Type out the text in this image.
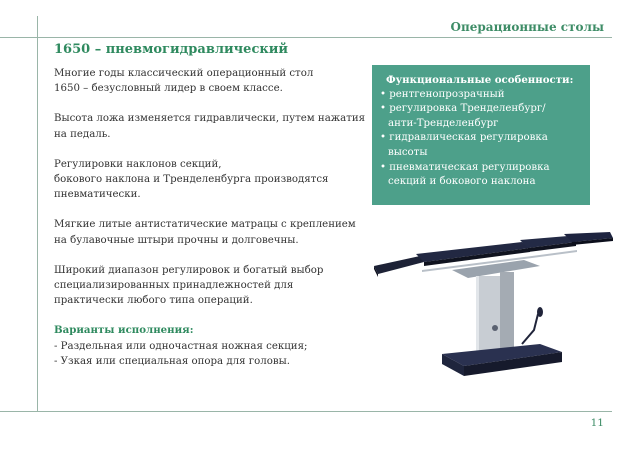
Операционные столы
1650 – пневмогидравлический

Многие годы классический операционный стол
1650 – безусловный лидер в своем классе.

Высота ложа изменяется гидравлически, путем нажатия
на педаль.

Регулировки наклонов секций,
бокового наклона и Тренделенбурга производятся
пневматически.

Мягкие литые антистатические матрацы с креплением
на булавочные штыри прочны и долговечны.

Широкий диапазон регулировок и богатый выбор
специализированных принадлежностей для
практически любого типа операций.

Варианты исполнения:
- Раздельная или одночастная ножная секция;
- Узкая или специальная опора для головы.

Функциональные особенности:
• рентгенопрозрачный
• регулировка Тренделенбург/
анти-Тренделенбург
• гидравлическая регулировка
высоты
• пневматическая регулировка
секций и бокового наклона
11
